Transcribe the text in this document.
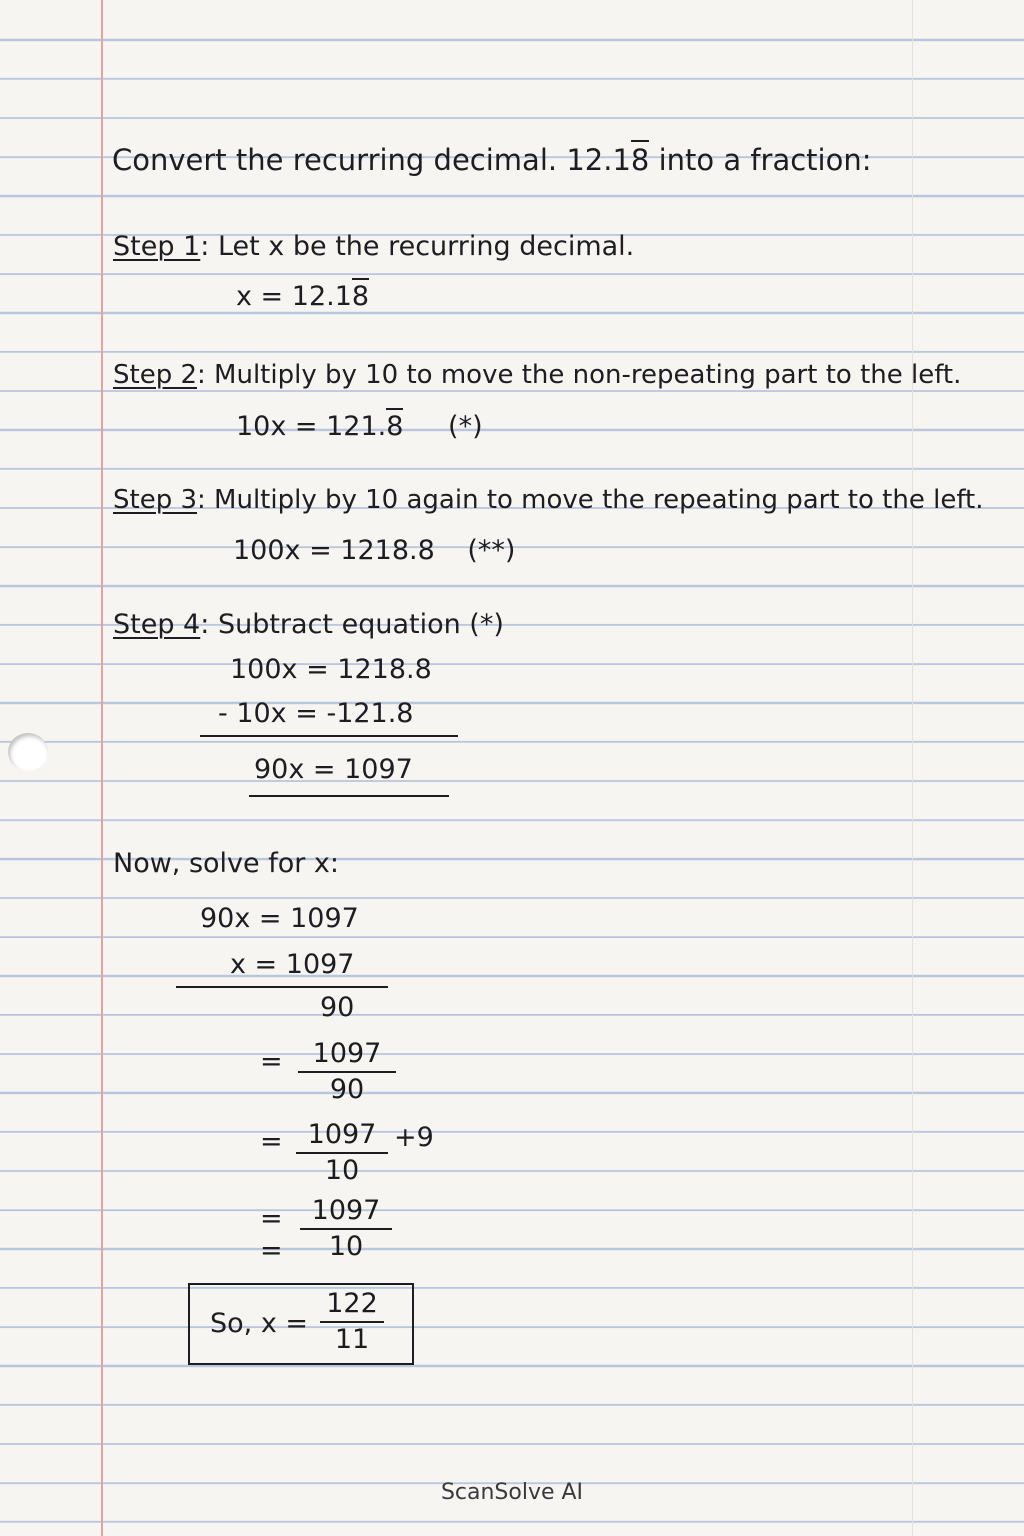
Convert the recurring decimal. 12.18 into a fraction:
Step 1: Let x be the recurring decimal.
x = 12.18
Step 2: Multiply by 10 to move the non-repeating part to the left.
10x = 121.8 (*)
Step 3: Multiply by 10 again to move the repeating part to the left.
100x = 1218.8 (**)
Step 4: Subtract equation (*)
100x = 1218.8
- 10x = -121.8
90x = 1097
Now, solve for x:
90x = 1097
x = 1097
90
=	1097
90
= 1097
10
+9
=
=
1097
10
So, x =
122
11
ScanSolve AI
